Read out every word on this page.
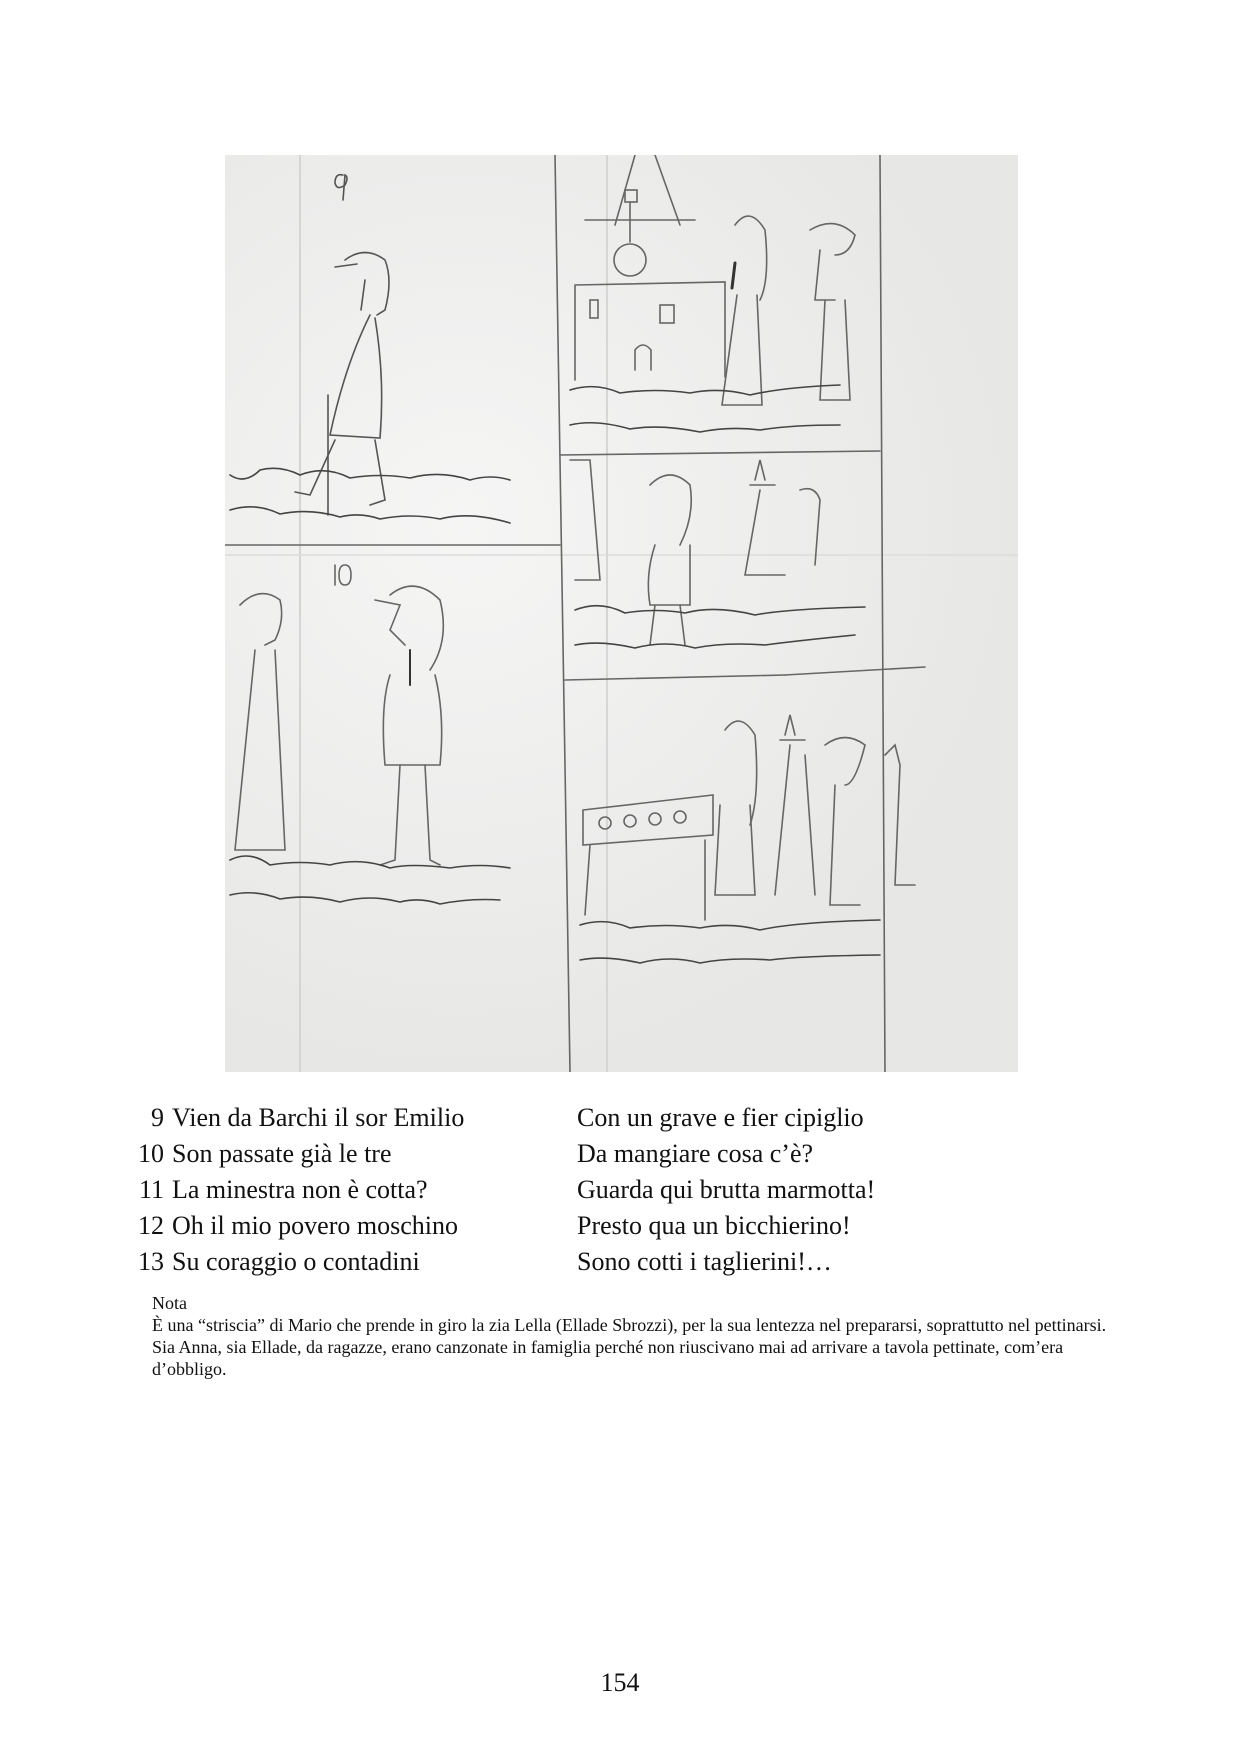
9 Vien da Barchi il sor Emilio	Con un grave e fier cipiglio
10 Son passate già le tre	Da mangiare cosa c’è?
11 La minestra non è cotta?	Guarda qui brutta marmotta!
12 Oh il mio povero moschino	Presto qua un bicchierino!
13 Su coraggio o contadini	Sono cotti i taglierini!…

Nota

È una “striscia” di Mario che prende in giro la zia Lella (Ellade Sbrozzi), per la sua lentezza nel prepararsi, soprattutto nel pettinarsi. Sia Anna, sia Ellade, da ragazze, erano canzonate in famiglia perché non riuscivano mai ad arrivare a tavola pettinate, com’era d’obbligo.

154
